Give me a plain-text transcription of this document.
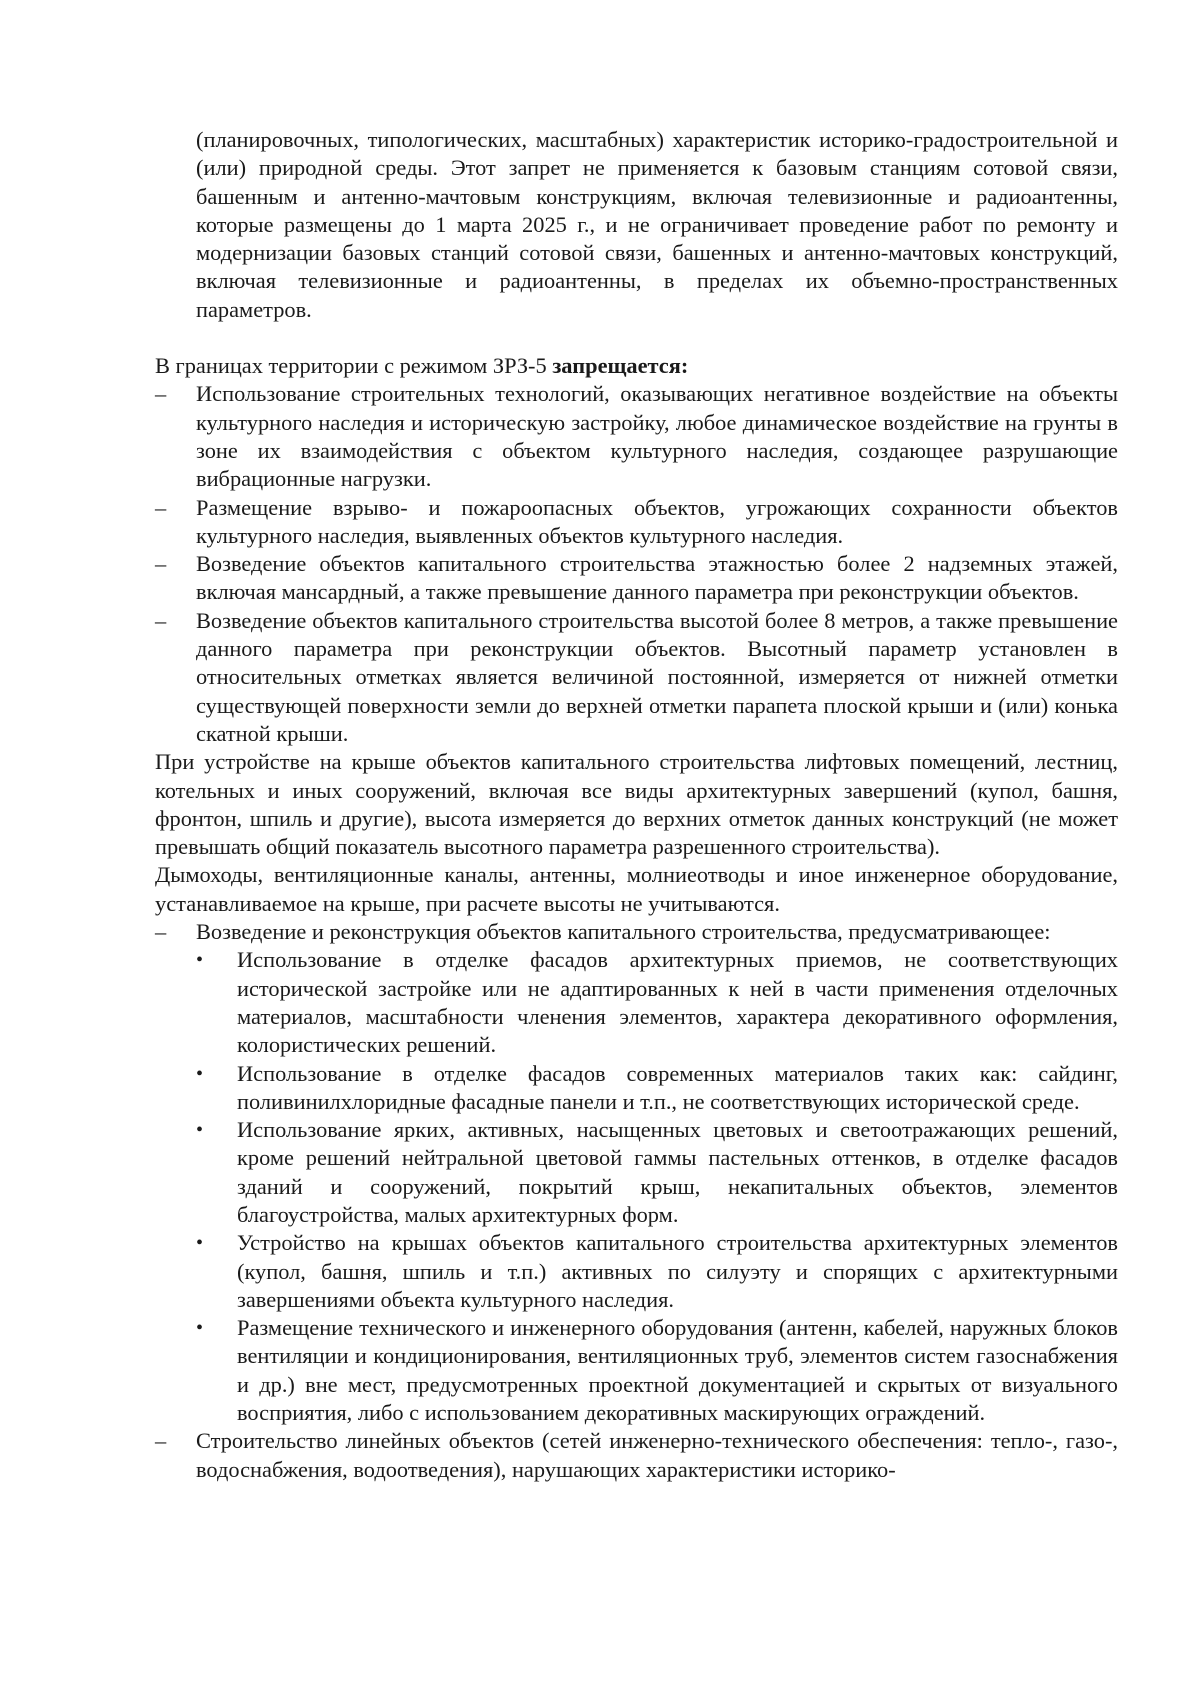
(планировочных, типологических, масштабных) характеристик историко-градостроительной и (или) природной среды. Этот запрет не применяется к базовым станциям сотовой связи, башенным и антенно-мачтовым конструкциям, включая телевизионные и радиоантенны, которые размещены до 1 марта 2025 г., и не ограничивает проведение работ по ремонту и модернизации базовых станций сотовой связи, башенных и антенно-мачтовых конструкций, включая телевизионные и радиоантенны, в пределах их объемно-пространственных параметров.

В границах территории с режимом ЗРЗ-5 запрещается:

–	Использование строительных технологий, оказывающих негативное воздействие на объекты культурного наследия и историческую застройку, любое динамическое воздействие на грунты в зоне их взаимодействия с объектом культурного наследия, создающее разрушающие вибрационные нагрузки.
–	Размещение взрыво- и пожароопасных объектов, угрожающих сохранности объектов культурного наследия, выявленных объектов культурного наследия.
–	Возведение объектов капитального строительства этажностью более 2 надземных этажей, включая мансардный, а также превышение данного параметра при реконструкции объектов.
–	Возведение объектов капитального строительства высотой более 8 метров, а также превышение данного параметра при реконструкции объектов. Высотный параметр установлен в относительных отметках является величиной постоянной, измеряется от нижней отметки существующей поверхности земли до верхней отметки парапета плоской крыши и (или) конька скатной крыши.

При устройстве на крыше объектов капитального строительства лифтовых помещений, лестниц, котельных и иных сооружений, включая все виды архитектурных завершений (купол, башня, фронтон, шпиль и другие), высота измеряется до верхних отметок данных конструкций (не может превышать общий показатель высотного параметра разрешенного строительства).

Дымоходы, вентиляционные каналы, антенны, молниеотводы и иное инженерное оборудование, устанавливаемое на крыше, при расчете высоты не учитываются.

–	Возведение и реконструкция объектов капитального строительства, предусматривающее:
•	Использование в отделке фасадов архитектурных приемов, не соответствующих исторической застройке или не адаптированных к ней в части применения отделочных материалов, масштабности членения элементов, характера декоративного оформления, колористических решений.
•	Использование в отделке фасадов современных материалов таких как: сайдинг, поливинилхлоридные фасадные панели и т.п., не соответствующих исторической среде.
•	Использование ярких, активных, насыщенных цветовых и светоотражающих решений, кроме решений нейтральной цветовой гаммы пастельных оттенков, в отделке фасадов зданий и сооружений, покрытий крыш, некапитальных объектов, элементов благоустройства, малых архитектурных форм.
•	Устройство на крышах объектов капитального строительства архитектурных элементов (купол, башня, шпиль и т.п.) активных по силуэту и спорящих с архитектурными завершениями объекта культурного наследия.
•	Размещение технического и инженерного оборудования (антенн, кабелей, наружных блоков вентиляции и кондиционирования, вентиляционных труб, элементов систем газоснабжения и др.) вне мест, предусмотренных проектной документацией и скрытых от визуального восприятия, либо с использованием декоративных маскирующих ограждений.
–	Строительство линейных объектов (сетей инженерно-технического обеспечения: тепло-, газо-, водоснабжения, водоотведения), нарушающих характеристики историко-
